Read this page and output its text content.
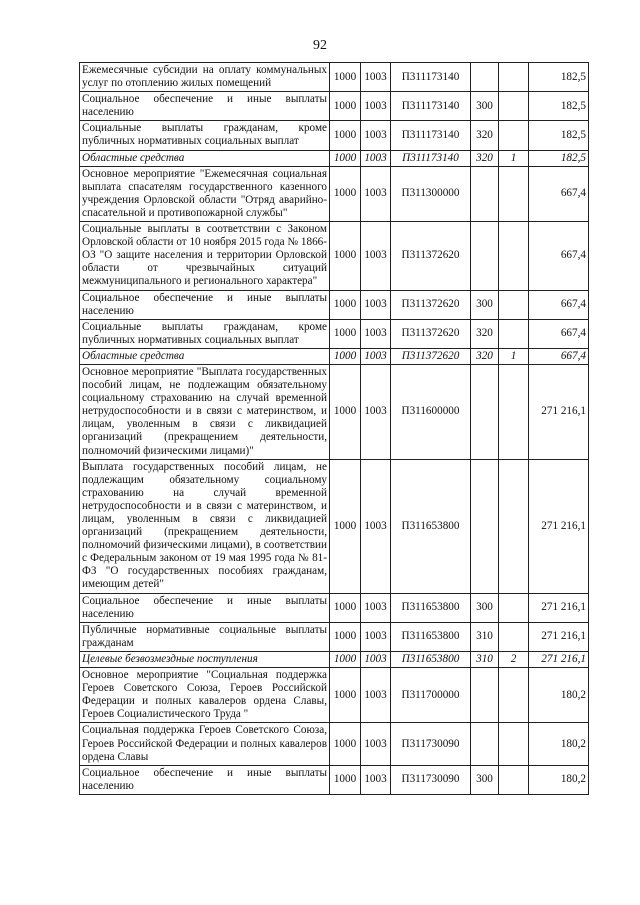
92
Ежемесячные субсидии на оплату коммунальных услуг по отоплению жилых помещений	1000	1003	П311173140			182,5
Социальное обеспечение и иные выплаты населению	1000	1003	П311173140	300		182,5
Социальные выплаты гражданам, кроме публичных нормативных социальных выплат	1000	1003	П311173140	320		182,5
Областные средства	1000	1003	П311173140	320	1	182,5
Основное мероприятие "Ежемесячная социальная выплата спасателям государственного казенного учреждения Орловской области "Отряд аварийно-спасательной и противопожарной службы"	1000	1003	П311300000			667,4
Социальные выплаты в соответствии с Законом Орловской области от 10 ноября 2015 года № 1866-ОЗ "О защите населения и территории Орловской области от чрезвычайных ситуаций межмуниципального и регионального характера"	1000	1003	П311372620			667,4
Социальное обеспечение и иные выплаты населению	1000	1003	П311372620	300		667,4
Социальные выплаты гражданам, кроме публичных нормативных социальных выплат	1000	1003	П311372620	320		667,4
Областные средства	1000	1003	П311372620	320	1	667,4
Основное мероприятие "Выплата государственных пособий лицам, не подлежащим обязательному социальному страхованию на случай временной нетрудоспособности и в связи с материнством, и лицам, уволенным в связи с ликвидацией организаций (прекращением деятельности, полномочий физическими лицами)"	1000	1003	П311600000			271 216,1
Выплата государственных пособий лицам, не подлежащим обязательному социальному страхованию на случай временной нетрудоспособности и в связи с материнством, и лицам, уволенным в связи с ликвидацией организаций (прекращением деятельности, полномочий физическими лицами), в соответствии с Федеральным законом от 19 мая 1995 года № 81-ФЗ "О государственных пособиях гражданам, имеющим детей"	1000	1003	П311653800			271 216,1
Социальное обеспечение и иные выплаты населению	1000	1003	П311653800	300		271 216,1
Публичные нормативные социальные выплаты гражданам	1000	1003	П311653800	310		271 216,1
Целевые безвозмездные поступления	1000	1003	П311653800	310	2	271 216,1
Основное мероприятие "Социальная поддержка Героев Советского Союза, Героев Российской Федерации и полных кавалеров ордена Славы, Героев Социалистического Труда "	1000	1003	П311700000			180,2
Социальная поддержка Героев Советского Союза, Героев Российской Федерации и полных кавалеров ордена Славы	1000	1003	П311730090			180,2
Социальное обеспечение и иные выплаты населению	1000	1003	П311730090	300		180,2
